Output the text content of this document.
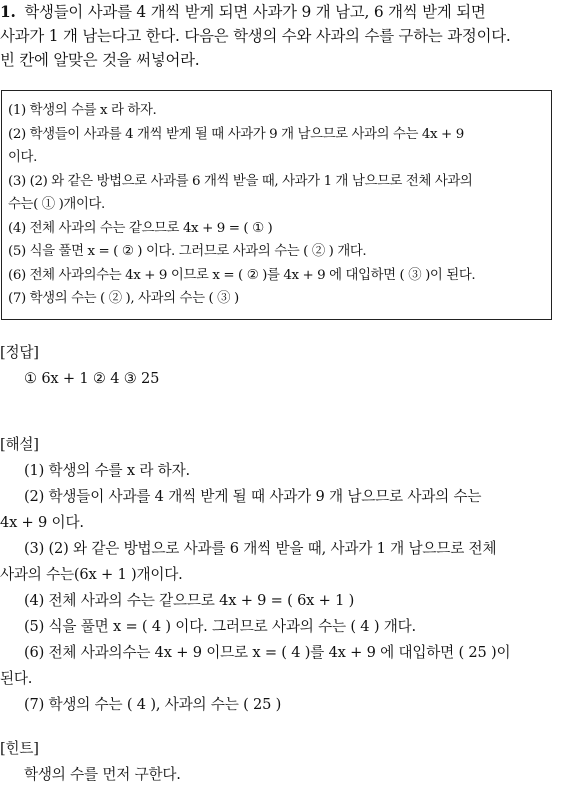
1. 학생들이 사과를 4 개씩 받게 되면 사과가 9 개 남고, 6 개씩 받게 되면
사과가 1 개 남는다고 한다. 다음은 학생의 수와 사과의 수를 구하는 과정이다.
빈 칸에 알맞은 것을 써넣어라.
(1) 학생의 수를 x 라 하자.
(2) 학생들이 사과를 4 개씩 받게 될 때 사과가 9 개 남으므로 사과의 수는 4x + 9
이다.
(3) (2) 와 같은 방법으로 사과를 6 개씩 받을 때, 사과가 1 개 남으므로 전체 사과의
수는( ① )개이다.
(4) 전체 사과의 수는 같으므로 4x + 9 = ( ① )
(5) 식을 풀면 x = ( ② ) 이다. 그러므로 사과의 수는 ( ② ) 개다.
(6) 전체 사과의수는 4x + 9 이므로 x = ( ② )를 4x + 9 에 대입하면 ( ③ )이 된다.
(7) 학생의 수는 ( ② ), 사과의 수는 ( ③ )
[정답]
① 6x + 1 ② 4 ③ 25
[해설]
(1) 학생의 수를 x 라 하자.
(2) 학생들이 사과를 4 개씩 받게 될 때 사과가 9 개 남으므로 사과의 수는
4x + 9 이다.
(3) (2) 와 같은 방법으로 사과를 6 개씩 받을 때, 사과가 1 개 남으므로 전체
사과의 수는(6x + 1 )개이다.
(4) 전체 사과의 수는 같으므로 4x + 9 = ( 6x + 1 )
(5) 식을 풀면 x = ( 4 ) 이다. 그러므로 사과의 수는 ( 4 ) 개다.
(6) 전체 사과의수는 4x + 9 이므로 x = ( 4 )를 4x + 9 에 대입하면 ( 25 )이
된다.
(7) 학생의 수는 ( 4 ), 사과의 수는 ( 25 )
[힌트]
학생의 수를 먼저 구한다.
